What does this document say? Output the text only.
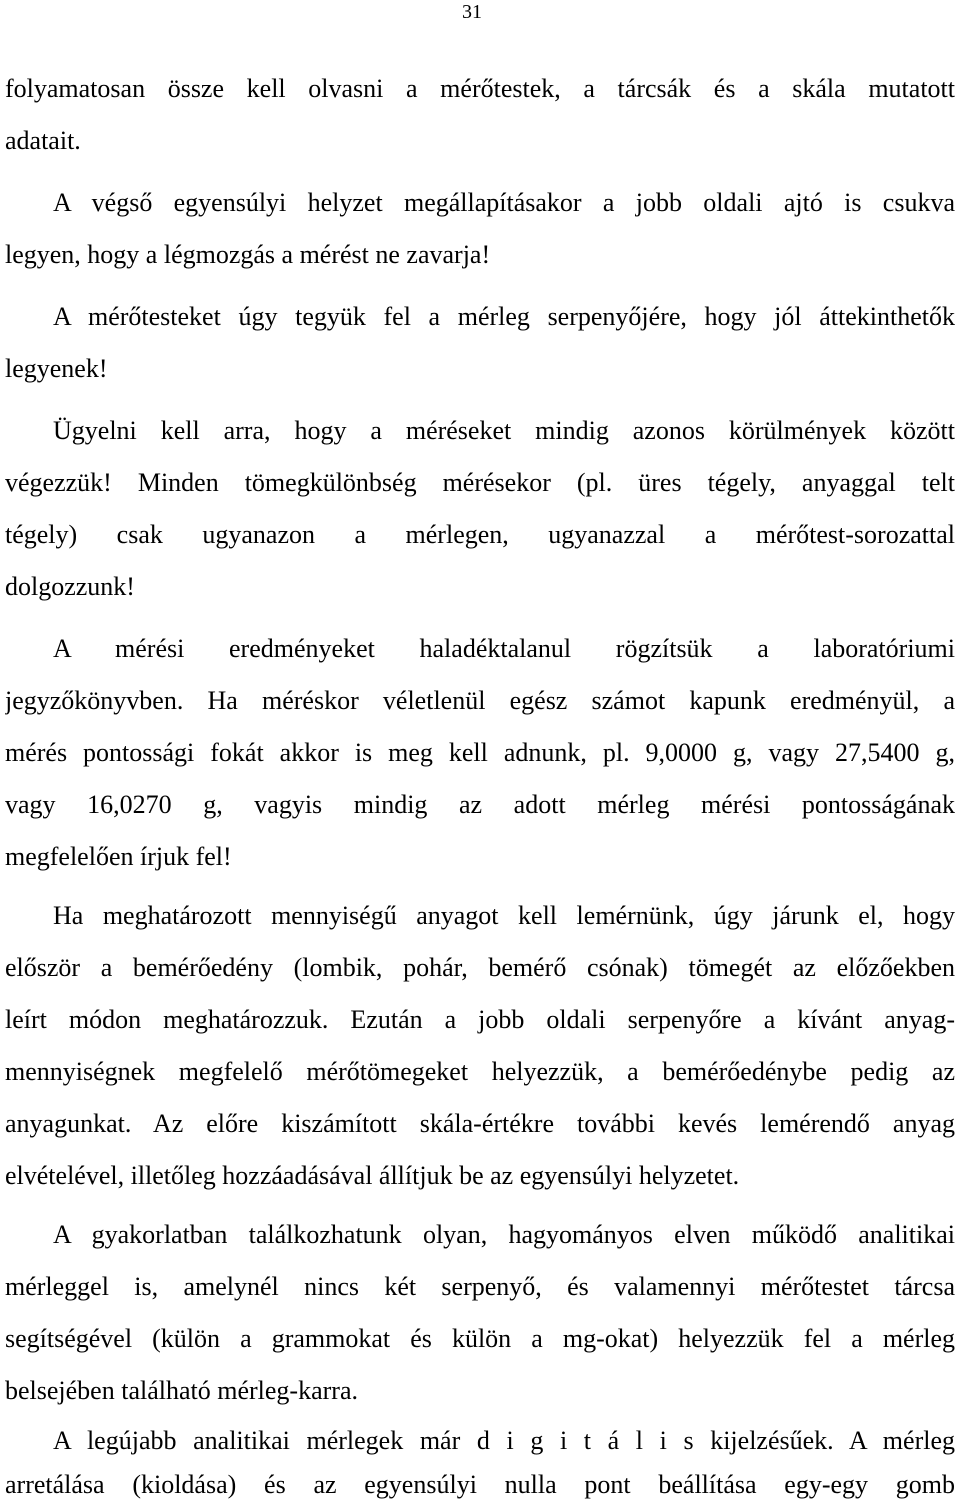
31
folyamatosan össze kell olvasni a mérőtestek, a tárcsák és a skála mutatott
adatait.
A végső egyensúlyi helyzet megállapításakor a jobb oldali ajtó is csukva
legyen, hogy a légmozgás a mérést ne zavarja!
A mérőtesteket úgy tegyük fel a mérleg serpenyőjére, hogy jól áttekinthetők
legyenek!
Ügyelni kell arra, hogy a méréseket mindig azonos körülmények között
végezzük! Minden tömegkülönbség mérésekor (pl. üres tégely, anyaggal telt
tégely) csak ugyanazon a mérlegen, ugyanazzal a mérőtest-sorozattal
dolgozzunk!
A mérési eredményeket haladéktalanul rögzítsük a laboratóriumi
jegyzőkönyvben. Ha méréskor véletlenül egész számot kapunk eredményül, a
mérés pontossági fokát akkor is meg kell adnunk, pl. 9,0000 g, vagy 27,5400 g,
vagy 16,0270 g, vagyis mindig az adott mérleg mérési pontosságának
megfelelően írjuk fel!
Ha meghatározott mennyiségű anyagot kell lemérnünk, úgy járunk el, hogy
először a bemérőedény (lombik, pohár, bemérő csónak) tömegét az előzőekben
leírt módon meghatározzuk. Ezután a jobb oldali serpenyőre a kívánt anyag-
mennyiségnek megfelelő mérőtömegeket helyezzük, a bemérőedénybe pedig az
anyagunkat. Az előre kiszámított skála-értékre további kevés lemérendő anyag
elvételével, illetőleg hozzáadásával állítjuk be az egyensúlyi helyzetet.
A gyakorlatban találkozhatunk olyan, hagyományos elven működő analitikai
mérleggel is, amelynél nincs két serpenyő, és valamennyi mérőtestet tárcsa
segítségével (külön a grammokat és külön a mg-okat) helyezzük fel a mérleg
belsejében található mérleg-karra.
A legújabb analitikai mérlegek már d i g i t á l i s kijelzésűek. A mérleg
arretálása (kioldása) és az egyensúlyi nulla pont beállítása egy-egy gomb
